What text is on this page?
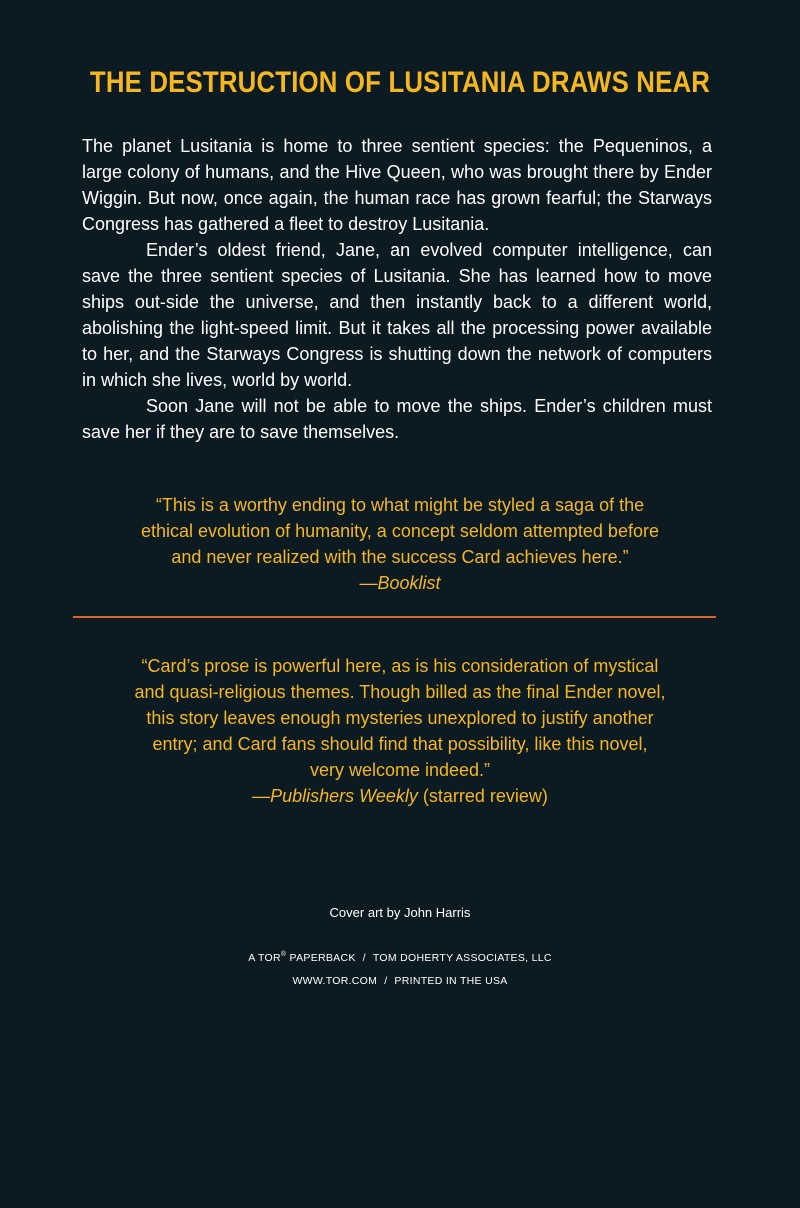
THE DESTRUCTION OF LUSITANIA DRAWS NEAR

The planet Lusitania is home to three sentient species: the Pequeninos, a large colony of humans, and the Hive Queen, who was brought there by Ender Wiggin. But now, once again, the human race has grown fearful; the Starways Congress has gathered a fleet to destroy Lusitania.

Ender’s oldest friend, Jane, an evolved computer intelligence, can save the three sentient species of Lusitania. She has learned how to move ships out-side the universe, and then instantly back to a different world, abolishing the light-speed limit. But it takes all the processing power available to her, and the Starways Congress is shutting down the network of computers in which she lives, world by world.

Soon Jane will not be able to move the ships. Ender’s children must save her if they are to save themselves.

“This is a worthy ending to what might be styled a saga of the
ethical evolution of humanity, a concept seldom attempted before
and never realized with the success Card achieves here.”
—Booklist
“Card’s prose is powerful here, as is his consideration of mystical
and quasi-religious themes. Though billed as the final Ender novel,
this story leaves enough mysteries unexplored to justify another
entry; and Card fans should find that possibility, like this novel,
very welcome indeed.”
—Publishers Weekly (starred review)
Cover art by John Harris
A TOR® PAPERBACK / TOM DOHERTY ASSOCIATES, LLC
WWW.TOR.COM / PRINTED IN THE USA
